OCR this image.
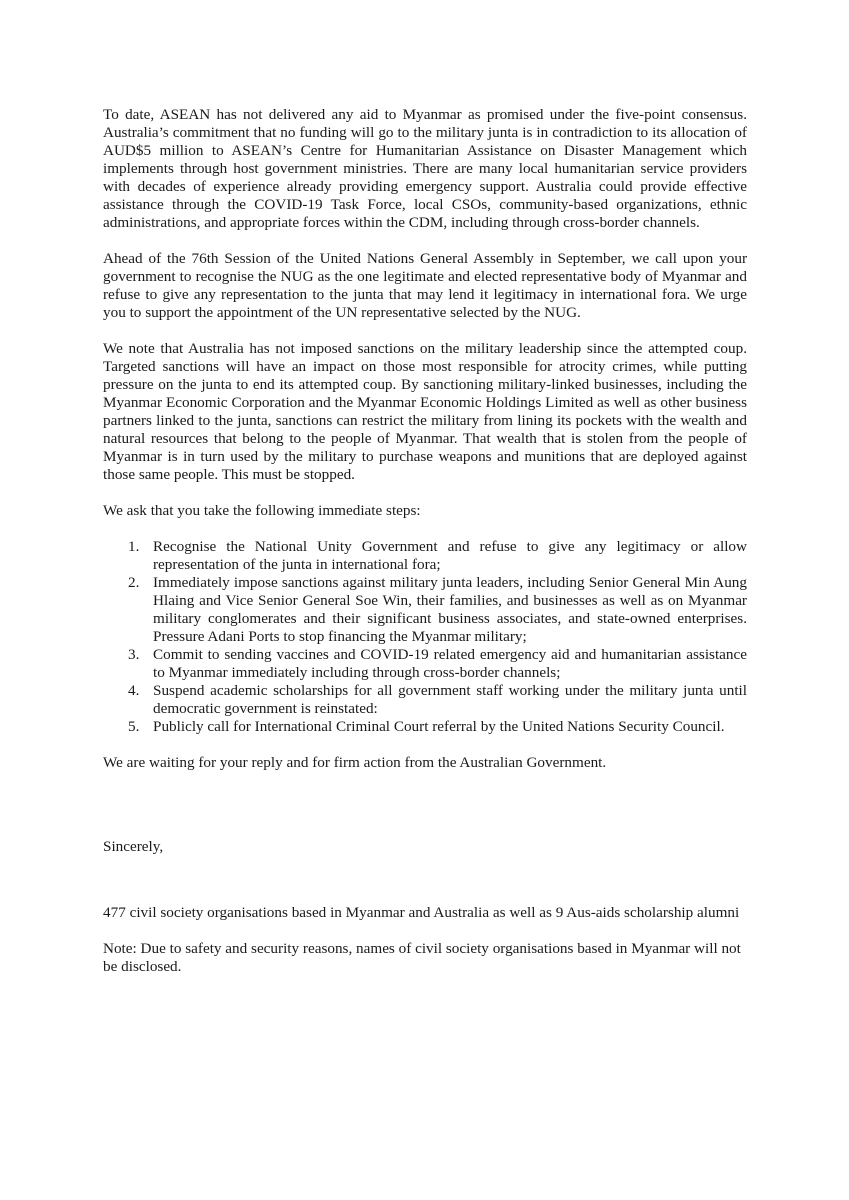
To date, ASEAN has not delivered any aid to Myanmar as promised under the five-point consensus. Australia’s commitment that no funding will go to the military junta is in contradiction to its allocation of AUD$5 million to ASEAN’s Centre for Humanitarian Assistance on Disaster Management which implements through host government ministries. There are many local humanitarian service providers with decades of experience already providing emergency support. Australia could provide effective assistance through the COVID-19 Task Force, local CSOs, community-based organizations, ethnic administrations, and appropriate forces within the CDM, including through cross-border channels.

Ahead of the 76th Session of the United Nations General Assembly in September, we call upon your government to recognise the NUG as the one legitimate and elected representative body of Myanmar and refuse to give any representation to the junta that may lend it legitimacy in international fora. We urge you to support the appointment of the UN representative selected by the NUG.

We note that Australia has not imposed sanctions on the military leadership since the attempted coup. Targeted sanctions will have an impact on those most responsible for atrocity crimes, while putting pressure on the junta to end its attempted coup. By sanctioning military-linked businesses, including the Myanmar Economic Corporation and the Myanmar Economic Holdings Limited as well as other business partners linked to the junta, sanctions can restrict the military from lining its pockets with the wealth and natural resources that belong to the people of Myanmar. That wealth that is stolen from the people of Myanmar is in turn used by the military to purchase weapons and munitions that are deployed against those same people. This must be stopped.

We ask that you take the following immediate steps:

1. Recognise the National Unity Government and refuse to give any legitimacy or allow representation of the junta in international fora;
2. Immediately impose sanctions against military junta leaders, including Senior General Min Aung Hlaing and Vice Senior General Soe Win, their families, and businesses as well as on Myanmar military conglomerates and their significant business associates, and state-owned enterprises. Pressure Adani Ports to stop financing the Myanmar military;
3. Commit to sending vaccines and COVID-19 related emergency aid and humanitarian assistance to Myanmar immediately including through cross-border channels;
4. Suspend academic scholarships for all government staff working under the military junta until democratic government is reinstated:
5. Publicly call for International Criminal Court referral by the United Nations Security Council.

We are waiting for your reply and for firm action from the Australian Government.

Sincerely,

477 civil society organisations based in Myanmar and Australia as well as 9 Aus-aids scholarship alumni

Note: Due to safety and security reasons, names of civil society organisations based in Myanmar will not be disclosed.
